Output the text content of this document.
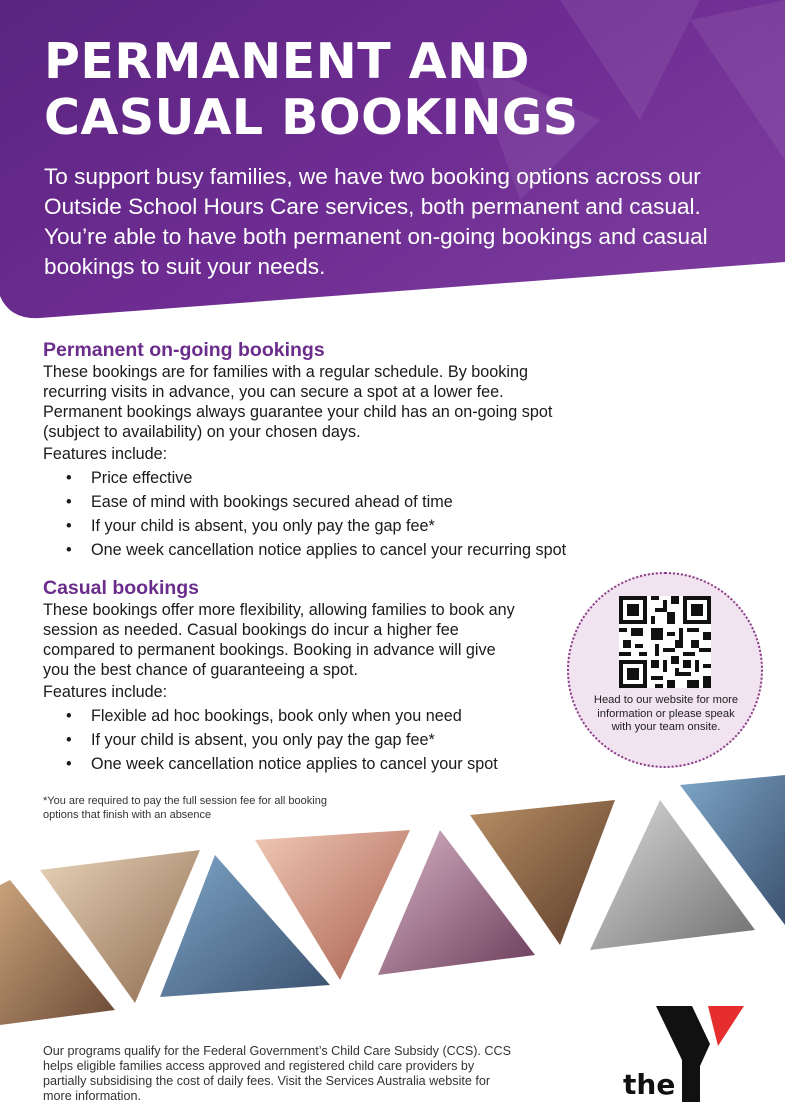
PERMANENT AND
CASUAL BOOKINGS

To support busy families, we have two booking options across our Outside School Hours Care services, both permanent and casual. You’re able to have both permanent on-going bookings and casual bookings to suit your needs.

Permanent on-going bookings

These bookings are for families with a regular schedule. By booking recurring visits in advance, you can secure a spot at a lower fee. Permanent bookings always guarantee your child has an on-going spot (subject to availability) on your chosen days.

Features include:

• Price effective
• Ease of mind with bookings secured ahead of time
• If your child is absent, you only pay the gap fee*
• One week cancellation notice applies to cancel your recurring spot
Casual bookings

These bookings offer more flexibility, allowing families to book any session as needed. Casual bookings do incur a higher fee compared to permanent bookings. Booking in advance will give you the best chance of guaranteeing a spot.

Features include:

• Flexible ad hoc bookings, book only when you need
• If your child is absent, you only pay the gap fee*
• One week cancellation notice applies to cancel your spot

Head to our website for more information or please speak with your team onsite.

*You are required to pay the full session fee for all booking options that finish with an absence

Our programs qualify for the Federal Government’s Child Care Subsidy (CCS). CCS helps eligible families access approved and registered child care providers by partially subsidising the cost of daily fees. Visit the Services Australia website for more information.	the
